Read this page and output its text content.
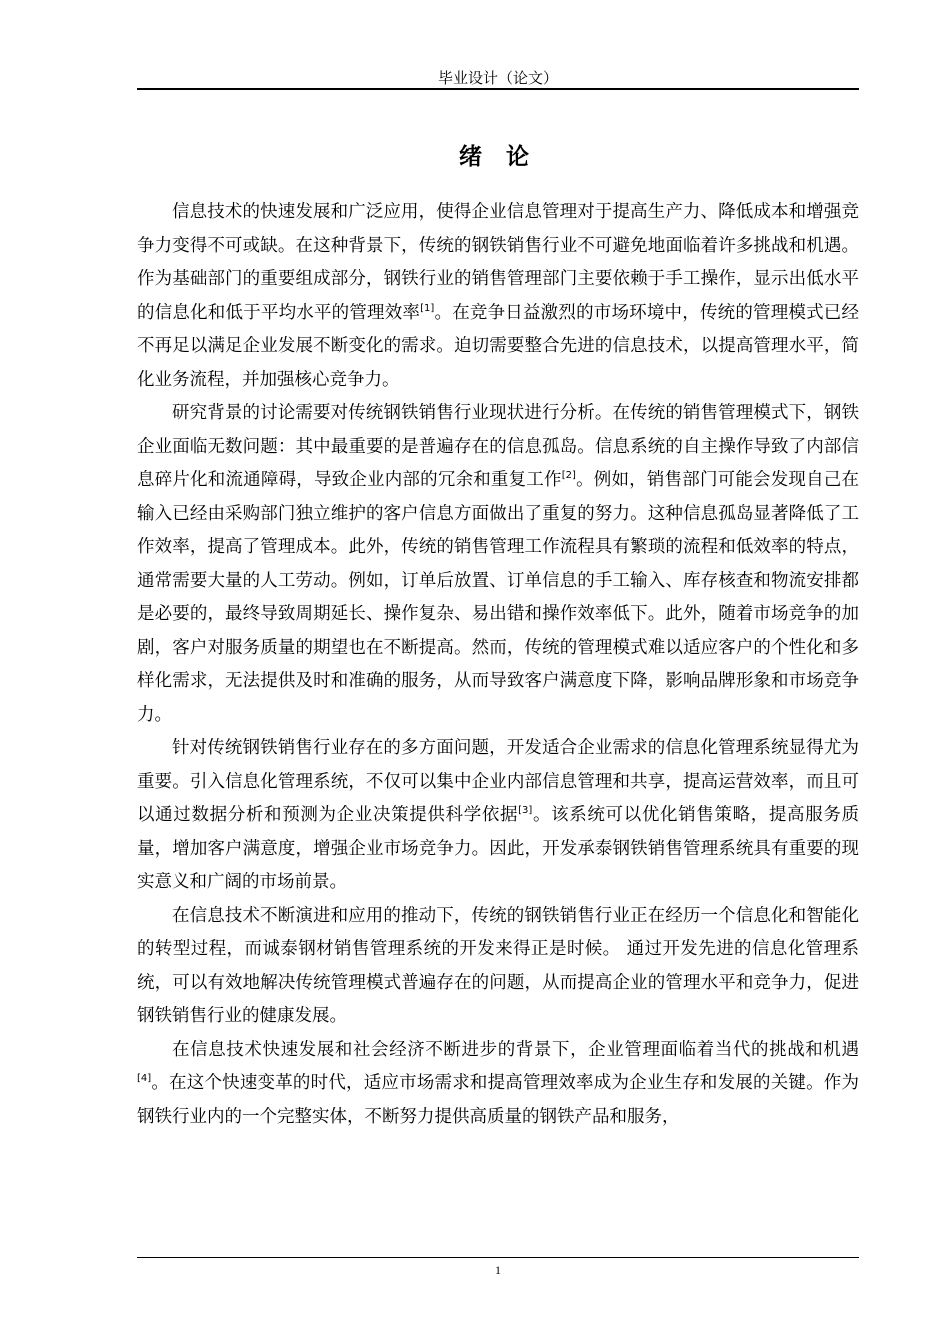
毕业设计（论文）
绪 论

信息技术的快速发展和广泛应用，使得企业信息管理对于提高生产力、降低成本和增强竞争力变得不可或缺。在这种背景下，传统的钢铁销售行业不可避免地面临着许多挑战和机遇。作为基础部门的重要组成部分，钢铁行业的销售管理部门主要依赖于手工操作，显示出低水平的信息化和低于平均水平的管理效率[1]。在竞争日益激烈的市场环境中，传统的管理模式已经不再足以满足企业发展不断变化的需求。迫切需要整合先进的信息技术，以提高管理水平，简化业务流程，并加强核心竞争力。

研究背景的讨论需要对传统钢铁销售行业现状进行分析。在传统的销售管理模式下，钢铁企业面临无数问题：其中最重要的是普遍存在的信息孤岛。信息系统的自主操作导致了内部信息碎片化和流通障碍，导致企业内部的冗余和重复工作[2]。例如，销售部门可能会发现自己在输入已经由采购部门独立维护的客户信息方面做出了重复的努力。这种信息孤岛显著降低了工作效率，提高了管理成本。此外，传统的销售管理工作流程具有繁琐的流程和低效率的特点，通常需要大量的人工劳动。例如，订单后放置、订单信息的手工输入、库存核查和物流安排都是必要的，最终导致周期延长、操作复杂、易出错和操作效率低下。此外，随着市场竞争的加剧，客户对服务质量的期望也在不断提高。然而，传统的管理模式难以适应客户的个性化和多样化需求，无法提供及时和准确的服务，从而导致客户满意度下降，影响品牌形象和市场竞争力。

针对传统钢铁销售行业存在的多方面问题，开发适合企业需求的信息化管理系统显得尤为重要。引入信息化管理系统，不仅可以集中企业内部信息管理和共享，提高运营效率，而且可以通过数据分析和预测为企业决策提供科学依据[3]。该系统可以优化销售策略，提高服务质量，增加客户满意度，增强企业市场竞争力。因此，开发承泰钢铁销售管理系统具有重要的现实意义和广阔的市场前景。

在信息技术不断演进和应用的推动下，传统的钢铁销售行业正在经历一个信息化和智能化的转型过程，而诚泰钢材销售管理系统的开发来得正是时候。 通过开发先进的信息化管理系统，可以有效地解决传统管理模式普遍存在的问题，从而提高企业的管理水平和竞争力，促进钢铁销售行业的健康发展。

在信息技术快速发展和社会经济不断进步的背景下，企业管理面临着当代的挑战和机遇[4]。在这个快速变革的时代，适应市场需求和提高管理效率成为企业生存和发展的关键。作为钢铁行业内的一个完整实体，不断努力提供高质量的钢铁产品和服务，

1
